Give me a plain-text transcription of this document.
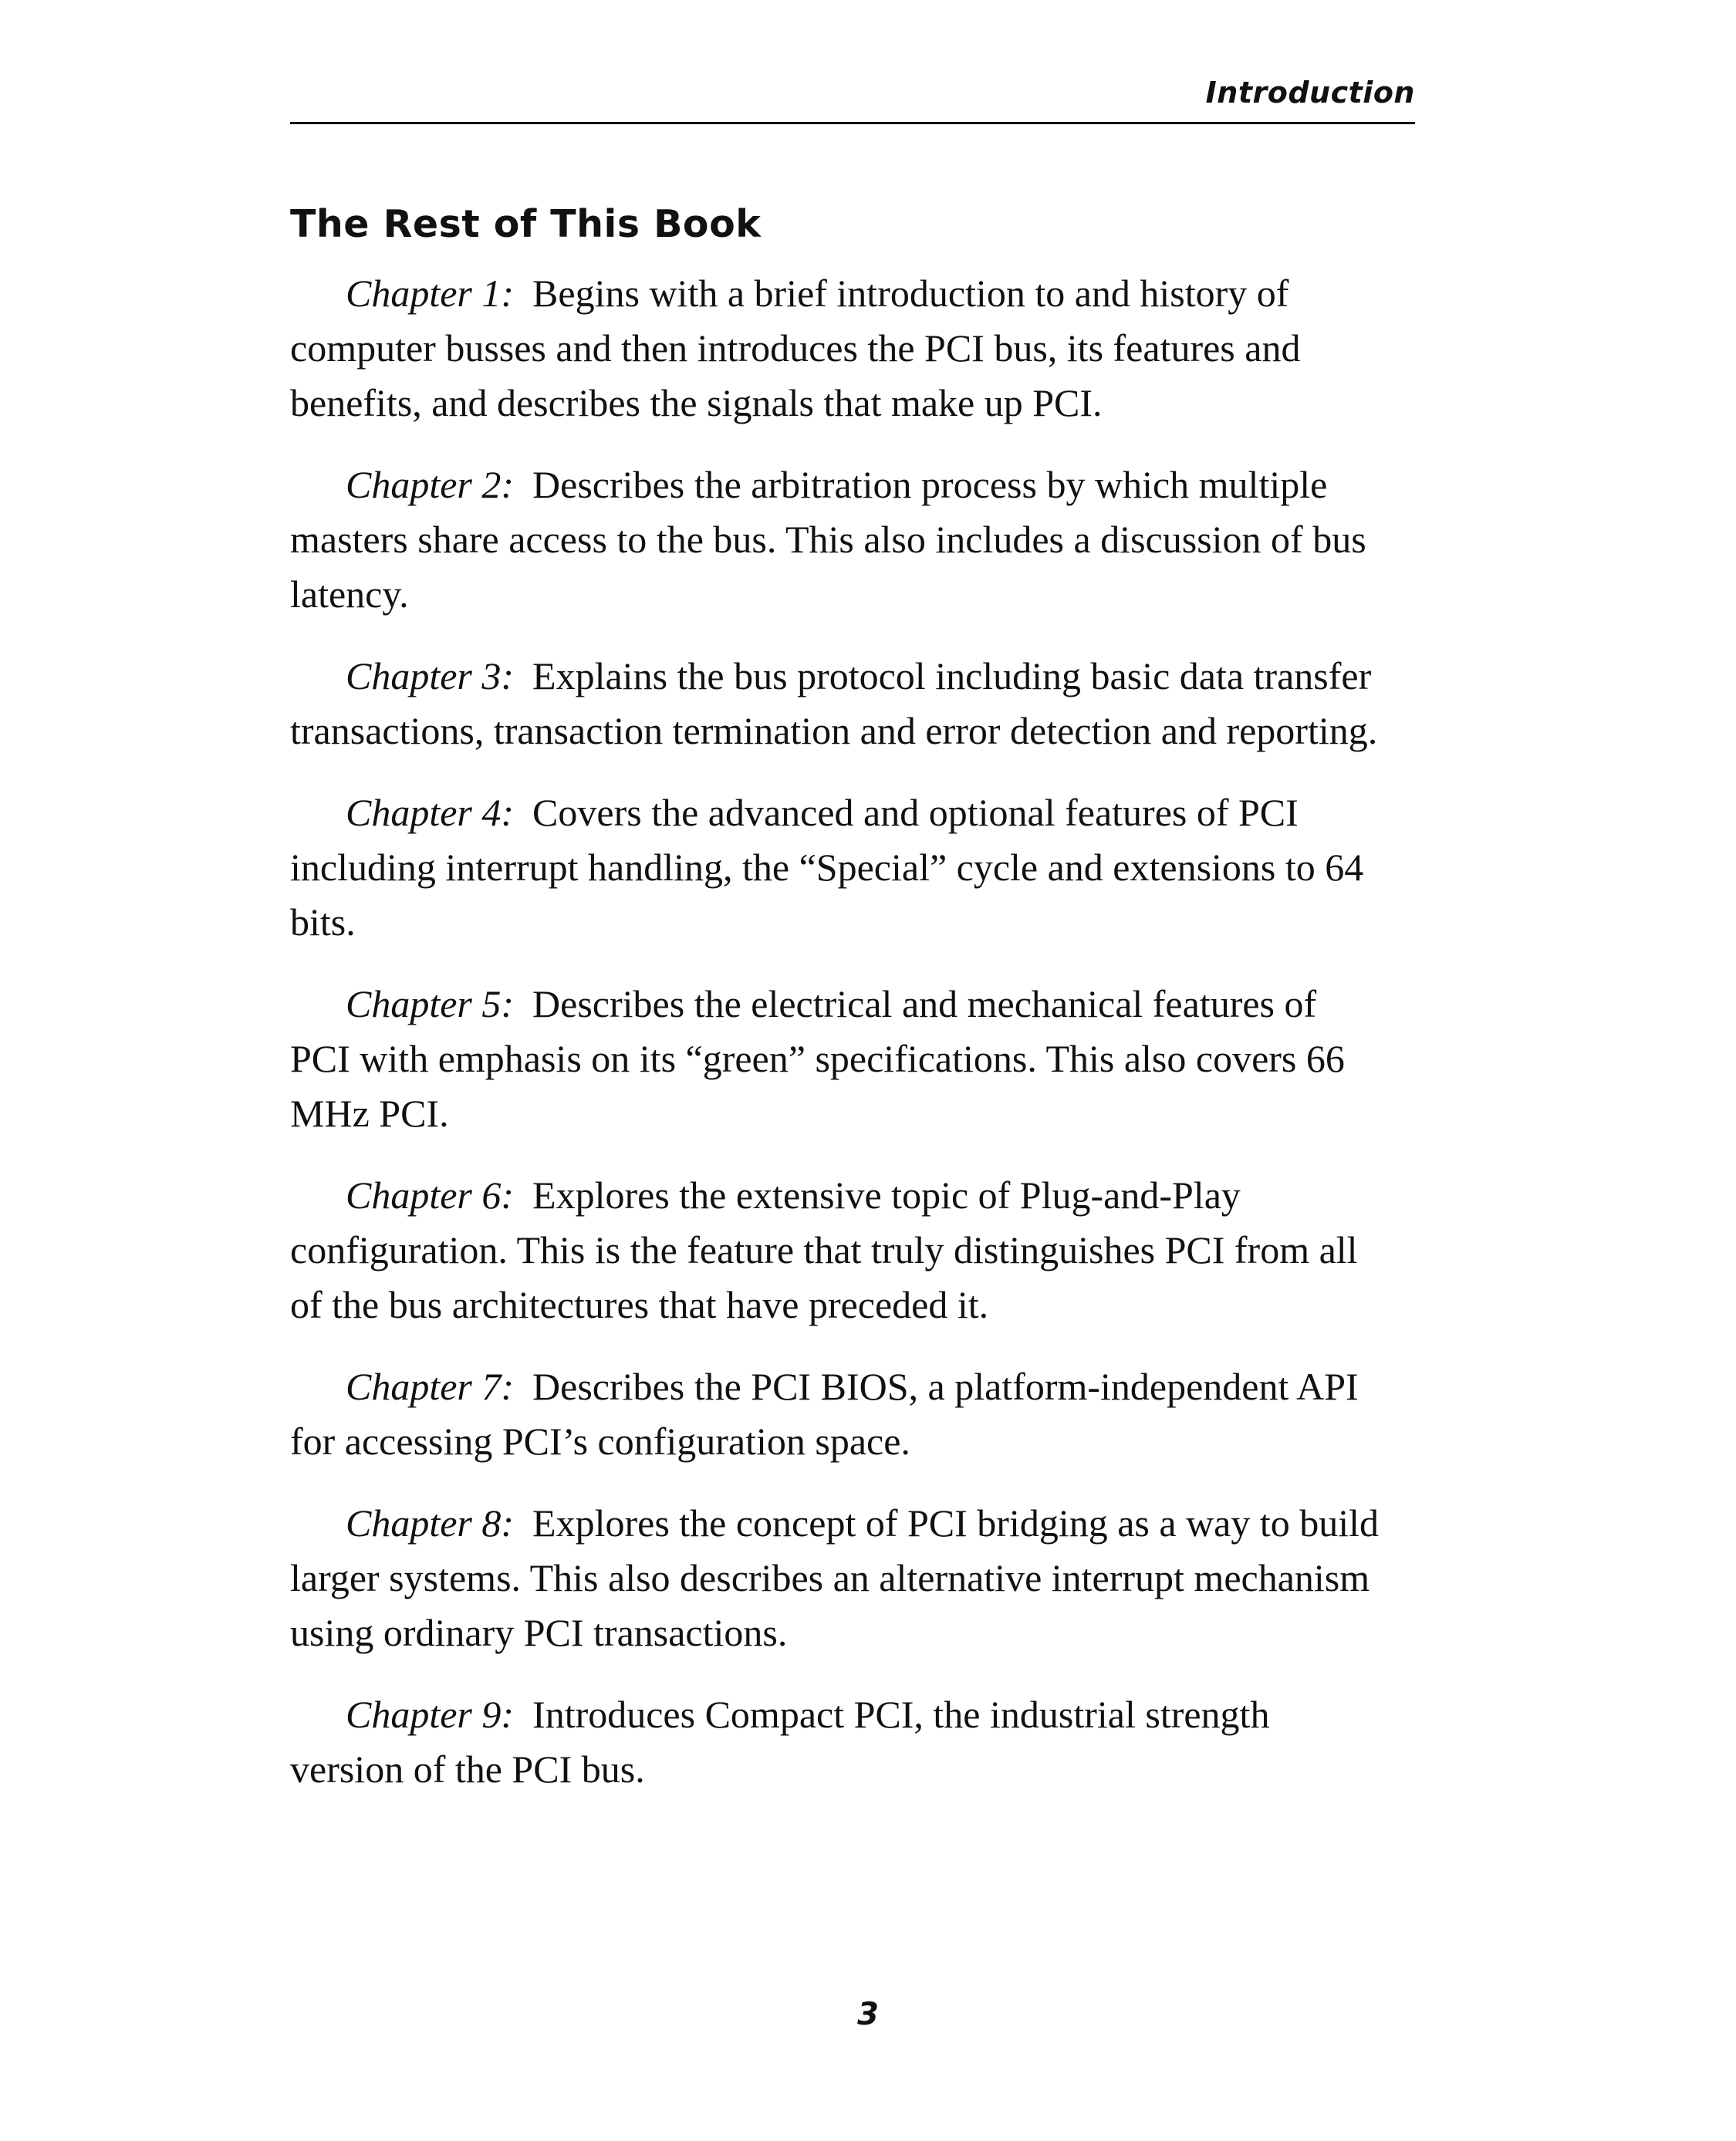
Introduction
The Rest of This Book

Chapter 1: Begins with a brief introduction to and history of computer busses and then introduces the PCI bus, its features and benefits, and describes the signals that make up PCI.

Chapter 2: Describes the arbitration process by which multiple masters share access to the bus. This also includes a discussion of bus latency.

Chapter 3: Explains the bus protocol including basic data transfer transactions, transaction termination and error detection and reporting.

Chapter 4: Covers the advanced and optional features of PCI including interrupt handling, the “Special” cycle and extensions to 64 bits.

Chapter 5: Describes the electrical and mechanical features of PCI with emphasis on its “green” specifications. This also covers 66 MHz PCI.

Chapter 6: Explores the extensive topic of Plug-and-Play configuration. This is the feature that truly distinguishes PCI from all of the bus architectures that have preceded it.

Chapter 7: Describes the PCI BIOS, a platform-independent API for accessing PCI’s configuration space.

Chapter 8: Explores the concept of PCI bridging as a way to build larger systems. This also describes an alternative interrupt mechanism using ordinary PCI transactions.

Chapter 9: Introduces Compact PCI, the industrial strength version of the PCI bus.

3
